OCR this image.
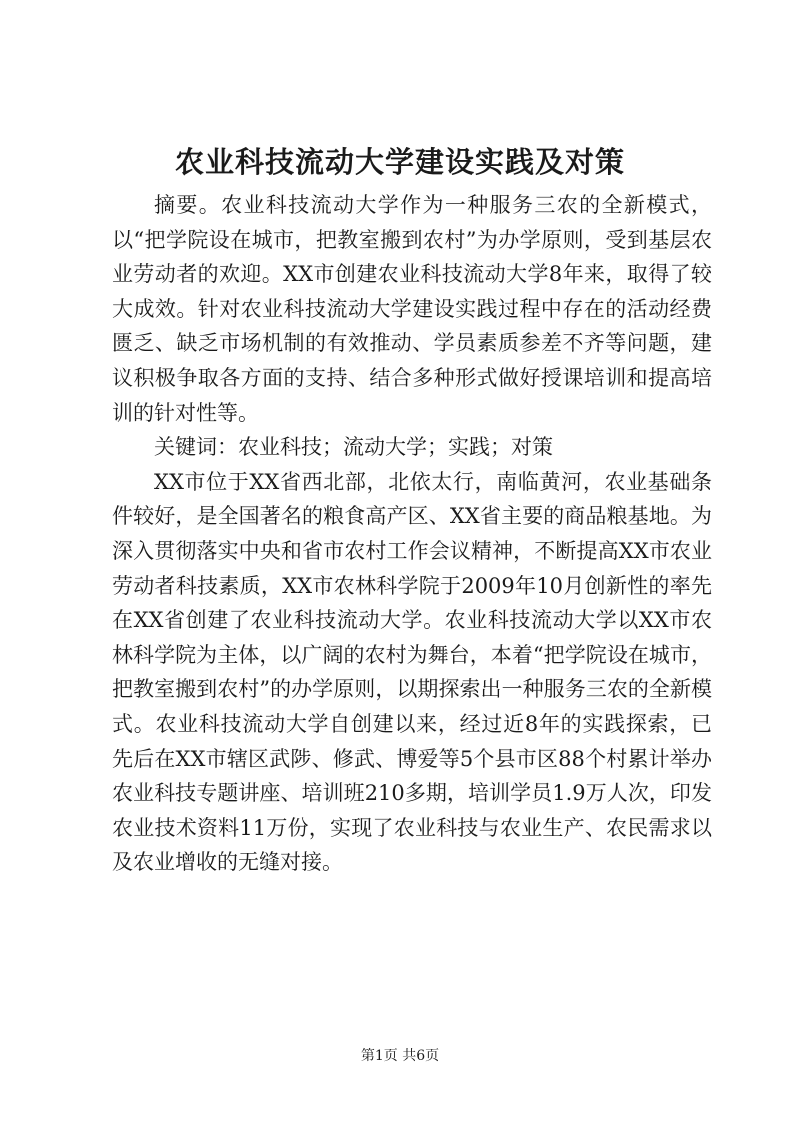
农业科技流动大学建设实践及对策

摘要。农业科技流动大学作为一种服务三农的全新模式，以“把学院设在城市，把教室搬到农村”为办学原则，受到基层农业劳动者的欢迎。XX市创建农业科技流动大学8年来，取得了较大成效。针对农业科技流动大学建设实践过程中存在的活动经费匮乏、缺乏市场机制的有效推动、学员素质参差不齐等问题，建议积极争取各方面的支持、结合多种形式做好授课培训和提高培训的针对性等。

关键词：农业科技；流动大学；实践；对策

XX市位于XX省西北部，北依太行，南临黄河，农业基础条件较好，是全国著名的粮食高产区、XX省主要的商品粮基地。为深入贯彻落实中央和省市农村工作会议精神，不断提高XX市农业劳动者科技素质，XX市农林科学院于2009年10月创新性的率先在XX省创建了农业科技流动大学。农业科技流动大学以XX市农林科学院为主体，以广阔的农村为舞台，本着“把学院设在城市，把教室搬到农村”的办学原则，以期探索出一种服务三农的全新模式。农业科技流动大学自创建以来，经过近8年的实践探索，已先后在XX市辖区武陟、修武、博爱等5个县市区88个村累计举办农业科技专题讲座、培训班210多期，培训学员1.9万人次，印发农业技术资料11万份，实现了农业科技与农业生产、农民需求以及农业增收的无缝对接。

第1页 共6页
